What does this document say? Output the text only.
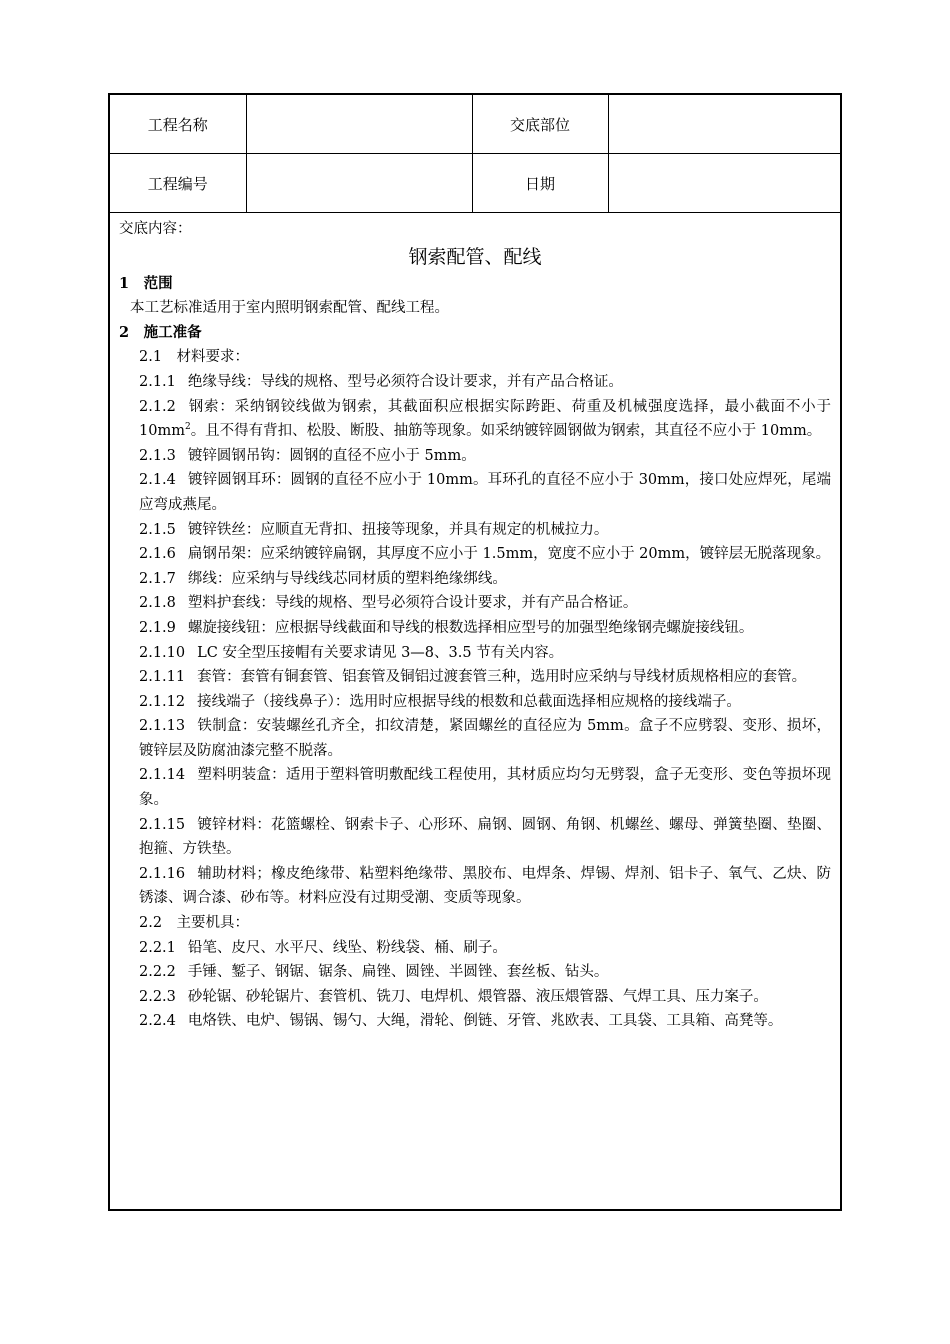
工程名称		交底部位	
工程编号		日期	

交底内容：

钢索配管、配线

1　范围

本工艺标准适用于室内照明钢索配管、配线工程。

2　施工准备

2.1　材料要求：

2.1.1 绝缘导线：导线的规格、型号必须符合设计要求，并有产品合格证。

2.1.2 钢索：采纳钢铰线做为钢索，其截面积应根据实际跨距、荷重及机械强度选择，最小截面不小于 $10mm^2$。且不得有背扣、松股、断股、抽筋等现象。如采纳镀锌圆钢做为钢索，其直径不应小于 10mm。

2.1.3 镀锌圆钢吊钩：圆钢的直径不应小于 5mm。

2.1.4 镀锌圆钢耳环：圆钢的直径不应小于 10mm。耳环孔的直径不应小于 30mm，接口处应焊死，尾端应弯成燕尾。

2.1.5 镀锌铁丝：应顺直无背扣、扭接等现象，并具有规定的机械拉力。

2.1.6 扁钢吊架：应采纳镀锌扁钢，其厚度不应小于 1.5mm，宽度不应小于 20mm，镀锌层无脱落现象。

2.1.7 绑线：应采纳与导线线芯同材质的塑料绝缘绑线。

2.1.8 塑料护套线：导线的规格、型号必须符合设计要求，并有产品合格证。

2.1.9 螺旋接线钮：应根据导线截面和导线的根数选择相应型号的加强型绝缘钢壳螺旋接线钮。

2.1.10 LC 安全型压接帽有关要求请见 3—8、3.5 节有关内容。

2.1.11 套管：套管有铜套管、铝套管及铜铝过渡套管三种，选用时应采纳与导线材质规格相应的套管。

2.1.12 接线端子（接线鼻子）：选用时应根据导线的根数和总截面选择相应规格的接线端子。

2.1.13 铁制盒：安装螺丝孔齐全，扣纹清楚，紧固螺丝的直径应为 5mm。盒子不应劈裂、变形、损坏，镀锌层及防腐油漆完整不脱落。

2.1.14 塑料明装盒：适用于塑料管明敷配线工程使用，其材质应均匀无劈裂，盒子无变形、变色等损坏现象。

2.1.15 镀锌材料：花篮螺栓、钢索卡子、心形环、扁钢、圆钢、角钢、机螺丝、螺母、弹簧垫圈、垫圈、抱箍、方铁垫。

2.1.16 辅助材料；橡皮绝缘带、粘塑料绝缘带、黑胶布、电焊条、焊锡、焊剂、铝卡子、氧气、乙炔、防锈漆、调合漆、砂布等。材料应没有过期受潮、变质等现象。

2.2　主要机具：

2.2.1 铅笔、皮尺、水平尺、线坠、粉线袋、桶、刷子。

2.2.2 手锤、錾子、钢锯、锯条、扁锉、圆锉、半圆锉、套丝板、钻头。

2.2.3 砂轮锯、砂轮锯片、套管机、铣刀、电焊机、煨管器、液压煨管器、气焊工具、压力案子。

2.2.4 电烙铁、电炉、锡锅、锡勺、大绳，滑轮、倒链、牙管、兆欧表、工具袋、工具箱、高凳等。
